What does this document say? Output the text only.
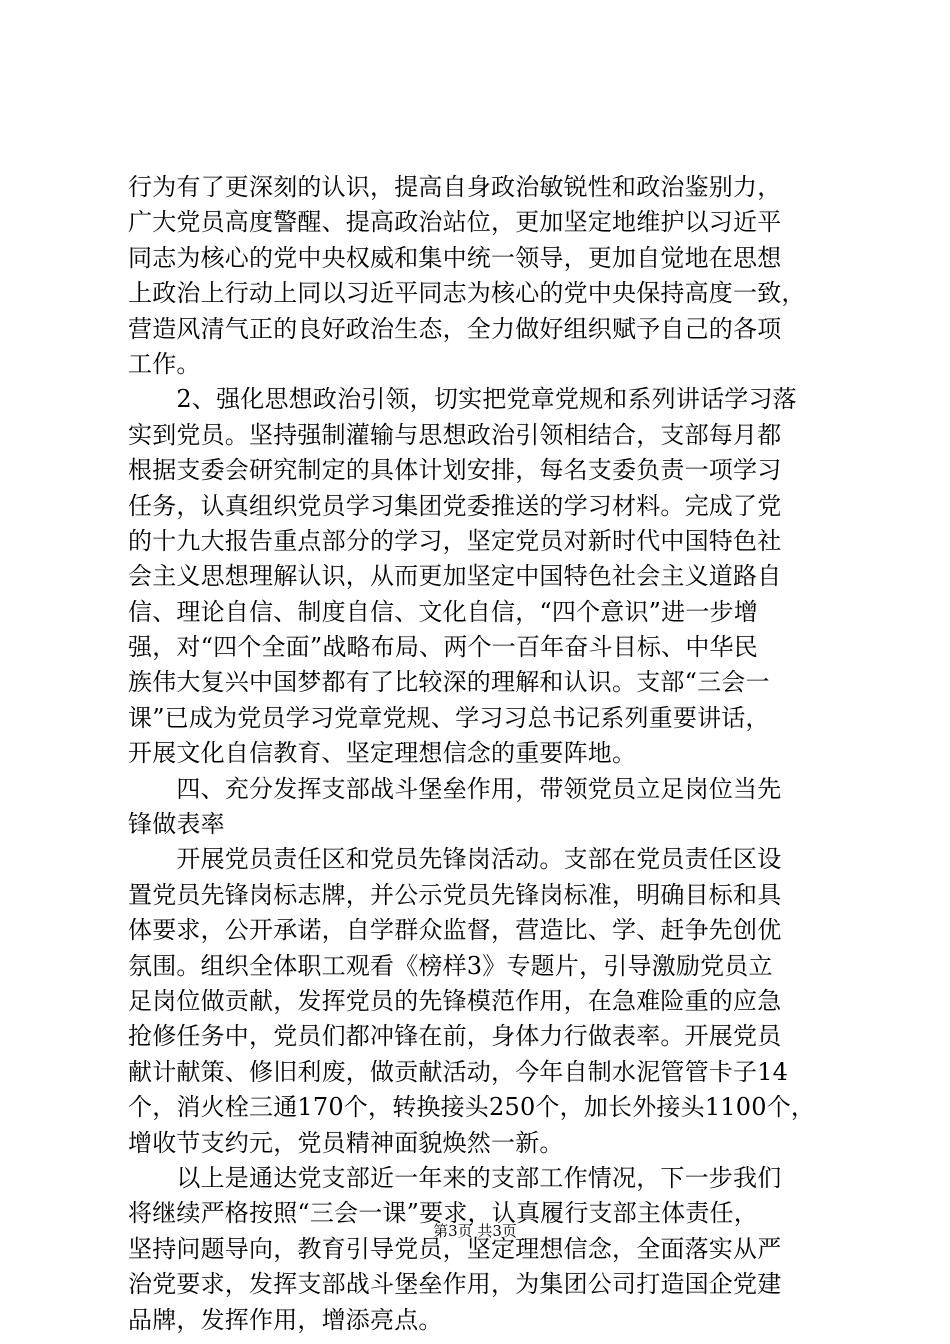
行为有了更深刻的认识，提高自身政治敏锐性和政治鉴别力，
广大党员高度警醒、提高政治站位，更加坚定地维护以习近平
同志为核心的党中央权威和集中统一领导，更加自觉地在思想
上政治上行动上同以习近平同志为核心的党中央保持高度一致，
营造风清气正的良好政治生态，全力做好组织赋予自己的各项
工作。
　　2、强化思想政治引领，切实把党章党规和系列讲话学习落
实到党员。坚持强制灌输与思想政治引领相结合，支部每月都
根据支委会研究制定的具体计划安排，每名支委负责一项学习
任务，认真组织党员学习集团党委推送的学习材料。完成了党
的十九大报告重点部分的学习，坚定党员对新时代中国特色社
会主义思想理解认识，从而更加坚定中国特色社会主义道路自
信、理论自信、制度自信、文化自信，“四个意识”进一步增
强，对“四个全面”战略布局、两个一百年奋斗目标、中华民
族伟大复兴中国梦都有了比较深的理解和认识。支部“三会一
课”已成为党员学习党章党规、学习习总书记系列重要讲话，
开展文化自信教育、坚定理想信念的重要阵地。
　　四、充分发挥支部战斗堡垒作用，带领党员立足岗位当先
锋做表率
　　开展党员责任区和党员先锋岗活动。支部在党员责任区设
置党员先锋岗标志牌，并公示党员先锋岗标准，明确目标和具
体要求，公开承诺，自学群众监督，营造比、学、赶争先创优
氛围。组织全体职工观看《榜样3》专题片，引导激励党员立
足岗位做贡献，发挥党员的先锋模范作用，在急难险重的应急
抢修任务中，党员们都冲锋在前，身体力行做表率。开展党员
献计献策、修旧利废，做贡献活动，今年自制水泥管管卡子14
个，消火栓三通170个，转换接头250个，加长外接头1100个，
增收节支约元，党员精神面貌焕然一新。
　　以上是通达党支部近一年来的支部工作情况，下一步我们
将继续严格按照“三会一课”要求，认真履行支部主体责任，
坚持问题导向，教育引导党员，坚定理想信念，全面落实从严
治党要求，发挥支部战斗堡垒作用，为集团公司打造国企党建
品牌，发挥作用，增添亮点。
第3页 共3页
